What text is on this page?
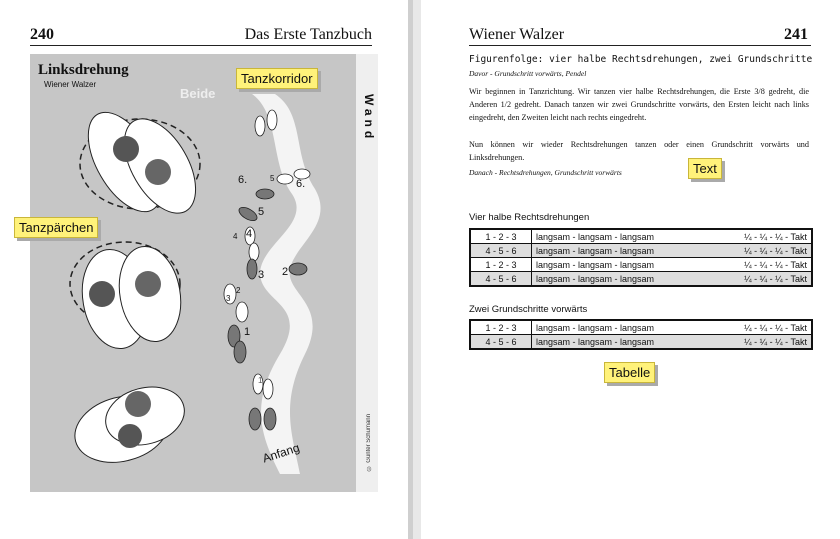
240	Das Erste Tanzbuch
Linksdrehung
Wiener Walzer
Beide
Wand
Anfang	© Günter Schumann
6.
5
6.
5
4
4
3 2
3
2
1
1
Tanzkorridor
Tanzpärchen
Wiener Walzer	241
Figurenfolge: vier halbe Rechtsdrehungen, zwei Grundschritte
Davor - Grundschritt vorwärts, Pendel
Wir beginnen in Tanzrichtung. Wir tanzen vier halbe Rechtsdrehungen, die Erste 3/8 gedreht, die Anderen 1/2 gedreht. Danach tanzen wir zwei Grundschritte vorwärts, den Ersten leicht nach links eingedreht, den Zweiten leicht nach rechts eingedreht.
Nun können wir wieder Rechtsdrehungen tanzen oder einen Grundschritt vorwärts und Linksdrehungen.
Danach - Rechtsdrehungen, Grundschritt vorwärts	Text
Vier halbe Rechtsdrehungen
1 - 2 - 3	langsam - langsam - langsam	¼ - ¼ - ¼ - Takt
4 - 5 - 6	langsam - langsam - langsam	¼ - ¼ - ¼ - Takt
1 - 2 - 3	langsam - langsam - langsam	¼ - ¼ - ¼ - Takt
4 - 5 - 6	langsam - langsam - langsam	¼ - ¼ - ¼ - Takt
Zwei Grundschritte vorwärts
1 - 2 - 3	langsam - langsam - langsam	¼ - ¼ - ¼ - Takt
4 - 5 - 6	langsam - langsam - langsam	¼ - ¼ - ¼ - Takt
Tabelle
